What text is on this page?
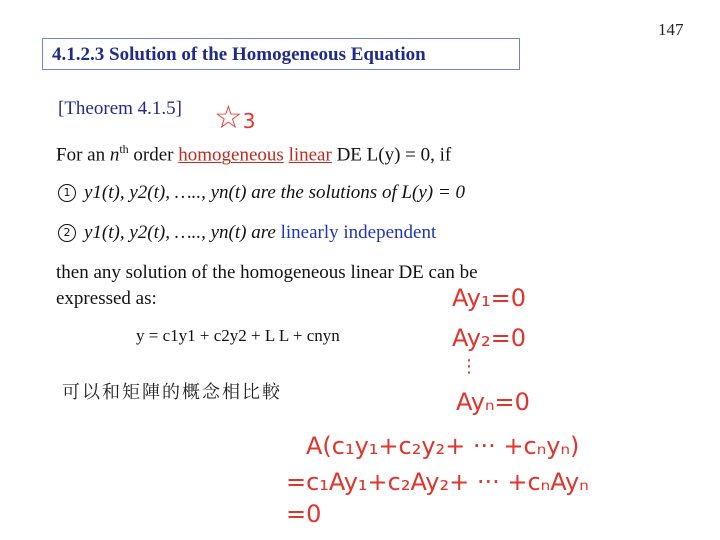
147
4.1.2.3 Solution of the Homogeneous Equation
[Theorem 4.1.5] ☆3
For an $n^{th}$ order homogeneous linear DE L(y) = 0, if
1 y1(t), y2(t), ….., yn(t) are the solutions of L(y) = 0
2 y1(t), y2(t), ….., yn(t) are linearly independent
then any solution of the homogeneous linear DE can be
expressed as:
y = c1y1 + c2y2 + L L + cnyn
可以和矩陣的概念相比較
Ay₁=0
Ay₂=0
⋮
Ayₙ=0
A(c₁y₁+c₂y₂+ ··· +cₙyₙ)
=c₁Ay₁+c₂Ay₂+ ··· +cₙAyₙ
=0
